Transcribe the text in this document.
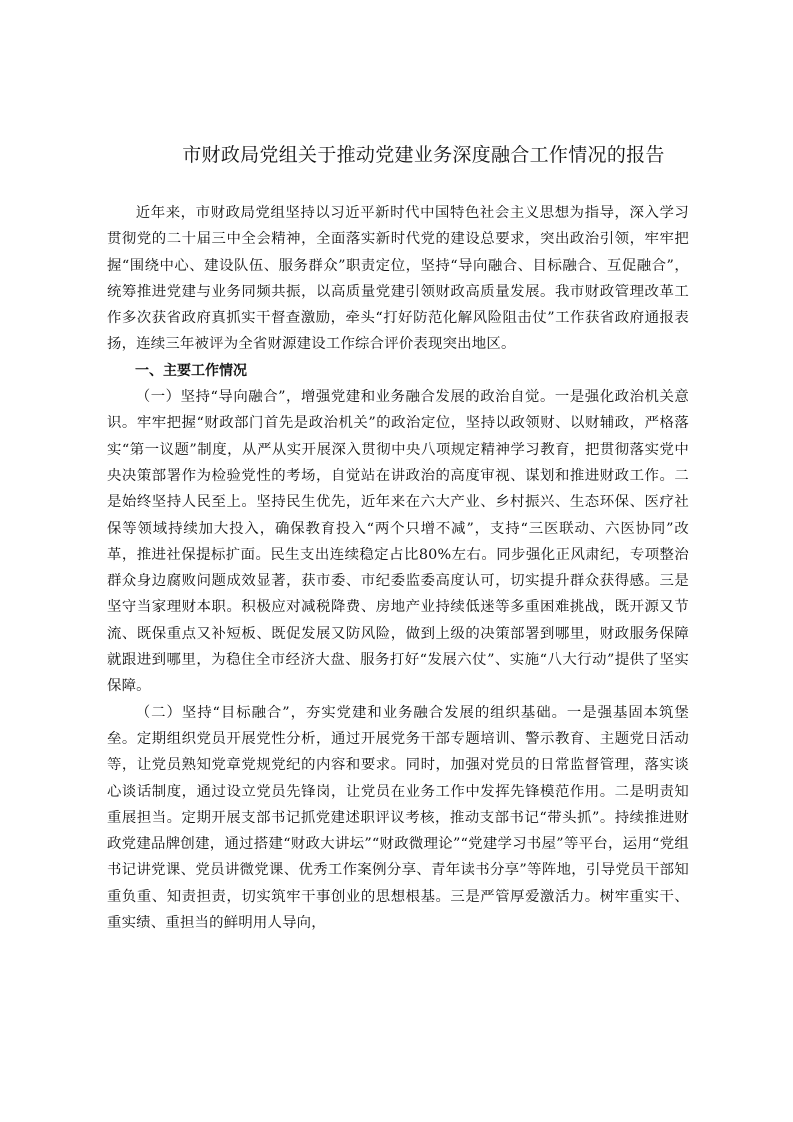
市财政局党组关于推动党建业务深度融合工作情况的报告

近年来，市财政局党组坚持以习近平新时代中国特色社会主义思想为指导，深入学习贯彻党的二十届三中全会精神，全面落实新时代党的建设总要求，突出政治引领，牢牢把握“围绕中心、建设队伍、服务群众”职责定位，坚持“导向融合、目标融合、互促融合”，统筹推进党建与业务同频共振，以高质量党建引领财政高质量发展。我市财政管理改革工作多次获省政府真抓实干督查激励，牵头“打好防范化解风险阻击仗”工作获省政府通报表扬，连续三年被评为全省财源建设工作综合评价表现突出地区。

一、主要工作情况

（一）坚持“导向融合”，增强党建和业务融合发展的政治自觉。一是强化政治机关意识。牢牢把握“财政部门首先是政治机关”的政治定位，坚持以政领财、以财辅政，严格落实“第一议题”制度，从严从实开展深入贯彻中央八项规定精神学习教育，把贯彻落实党中央决策部署作为检验党性的考场，自觉站在讲政治的高度审视、谋划和推进财政工作。二是始终坚持人民至上。坚持民生优先，近年来在六大产业、乡村振兴、生态环保、医疗社保等领域持续加大投入，确保教育投入“两个只增不减”，支持“三医联动、六医协同”改革，推进社保提标扩面。民生支出连续稳定占比80%左右。同步强化正风肃纪，专项整治群众身边腐败问题成效显著，获市委、市纪委监委高度认可，切实提升群众获得感。三是坚守当家理财本职。积极应对减税降费、房地产业持续低迷等多重困难挑战，既开源又节流、既保重点又补短板、既促发展又防风险，做到上级的决策部署到哪里，财政服务保障就跟进到哪里，为稳住全市经济大盘、服务打好“发展六仗”、实施“八大行动”提供了坚实保障。

（二）坚持“目标融合”，夯实党建和业务融合发展的组织基础。一是强基固本筑堡垒。定期组织党员开展党性分析，通过开展党务干部专题培训、警示教育、主题党日活动等，让党员熟知党章党规党纪的内容和要求。同时，加强对党员的日常监督管理，落实谈心谈话制度，通过设立党员先锋岗，让党员在业务工作中发挥先锋模范作用。二是明责知重展担当。定期开展支部书记抓党建述职评议考核，推动支部书记“带头抓”。持续推进财政党建品牌创建，通过搭建“财政大讲坛”“财政微理论”“党建学习书屋”等平台，运用“党组书记讲党课、党员讲微党课、优秀工作案例分享、青年读书分享”等阵地，引导党员干部知重负重、知责担责，切实筑牢干事创业的思想根基。三是严管厚爱激活力。树牢重实干、重实绩、重担当的鲜明用人导向，
